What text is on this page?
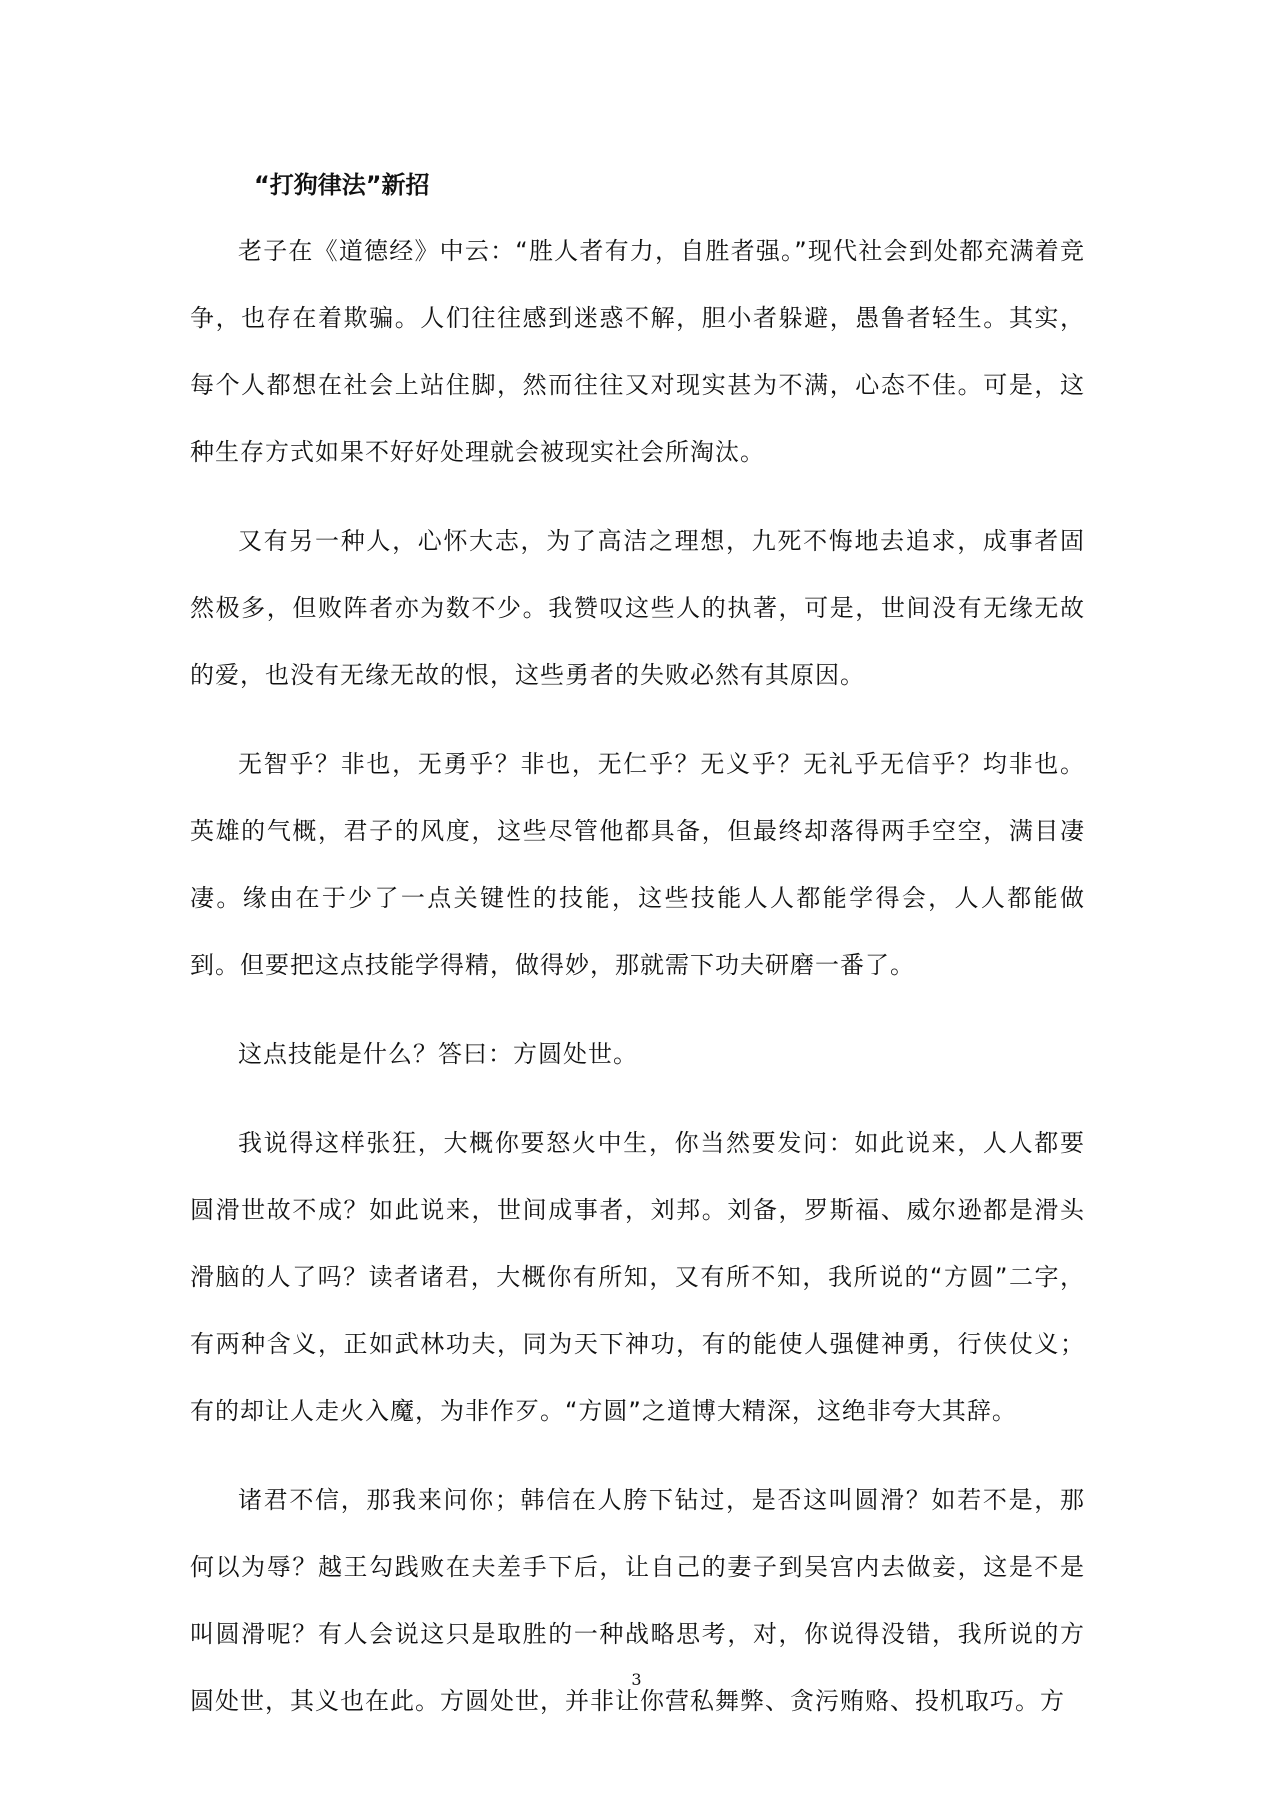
“打狗律法”新招

老子在《道德经》中云：“胜人者有力，自胜者强。”现代社会到处都充满着竞争，也存在着欺骗。人们往往感到迷惑不解，胆小者躲避，愚鲁者轻生。其实，每个人都想在社会上站住脚，然而往往又对现实甚为不满，心态不佳。可是，这种生存方式如果不好好处理就会被现实社会所淘汰。

又有另一种人，心怀大志，为了高洁之理想，九死不悔地去追求，成事者固然极多，但败阵者亦为数不少。我赞叹这些人的执著，可是，世间没有无缘无故的爱，也没有无缘无故的恨，这些勇者的失败必然有其原因。

无智乎？非也，无勇乎？非也，无仁乎？无义乎？无礼乎无信乎？均非也。英雄的气概，君子的风度，这些尽管他都具备，但最终却落得两手空空，满目凄凄。缘由在于少了一点关键性的技能，这些技能人人都能学得会，人人都能做到。但要把这点技能学得精，做得妙，那就需下功夫研磨一番了。

这点技能是什么？答曰：方圆处世。

我说得这样张狂，大概你要怒火中生，你当然要发问：如此说来，人人都要圆滑世故不成？如此说来，世间成事者，刘邦。刘备，罗斯福、威尔逊都是滑头滑脑的人了吗？读者诸君，大概你有所知，又有所不知，我所说的“方圆”二字，有两种含义，正如武林功夫，同为天下神功，有的能使人强健神勇，行侠仗义；有的却让人走火入魔，为非作歹。“方圆”之道博大精深，这绝非夸大其辞。

诸君不信，那我来问你；韩信在人胯下钻过，是否这叫圆滑？如若不是，那何以为辱？越王勾践败在夫差手下后，让自己的妻子到吴宫内去做妾，这是不是叫圆滑呢？有人会说这只是取胜的一种战略思考，对，你说得没错，我所说的方圆处世，其义也在此。方圆处世，并非让你营私舞弊、贪污贿赂、投机取巧。方

3
